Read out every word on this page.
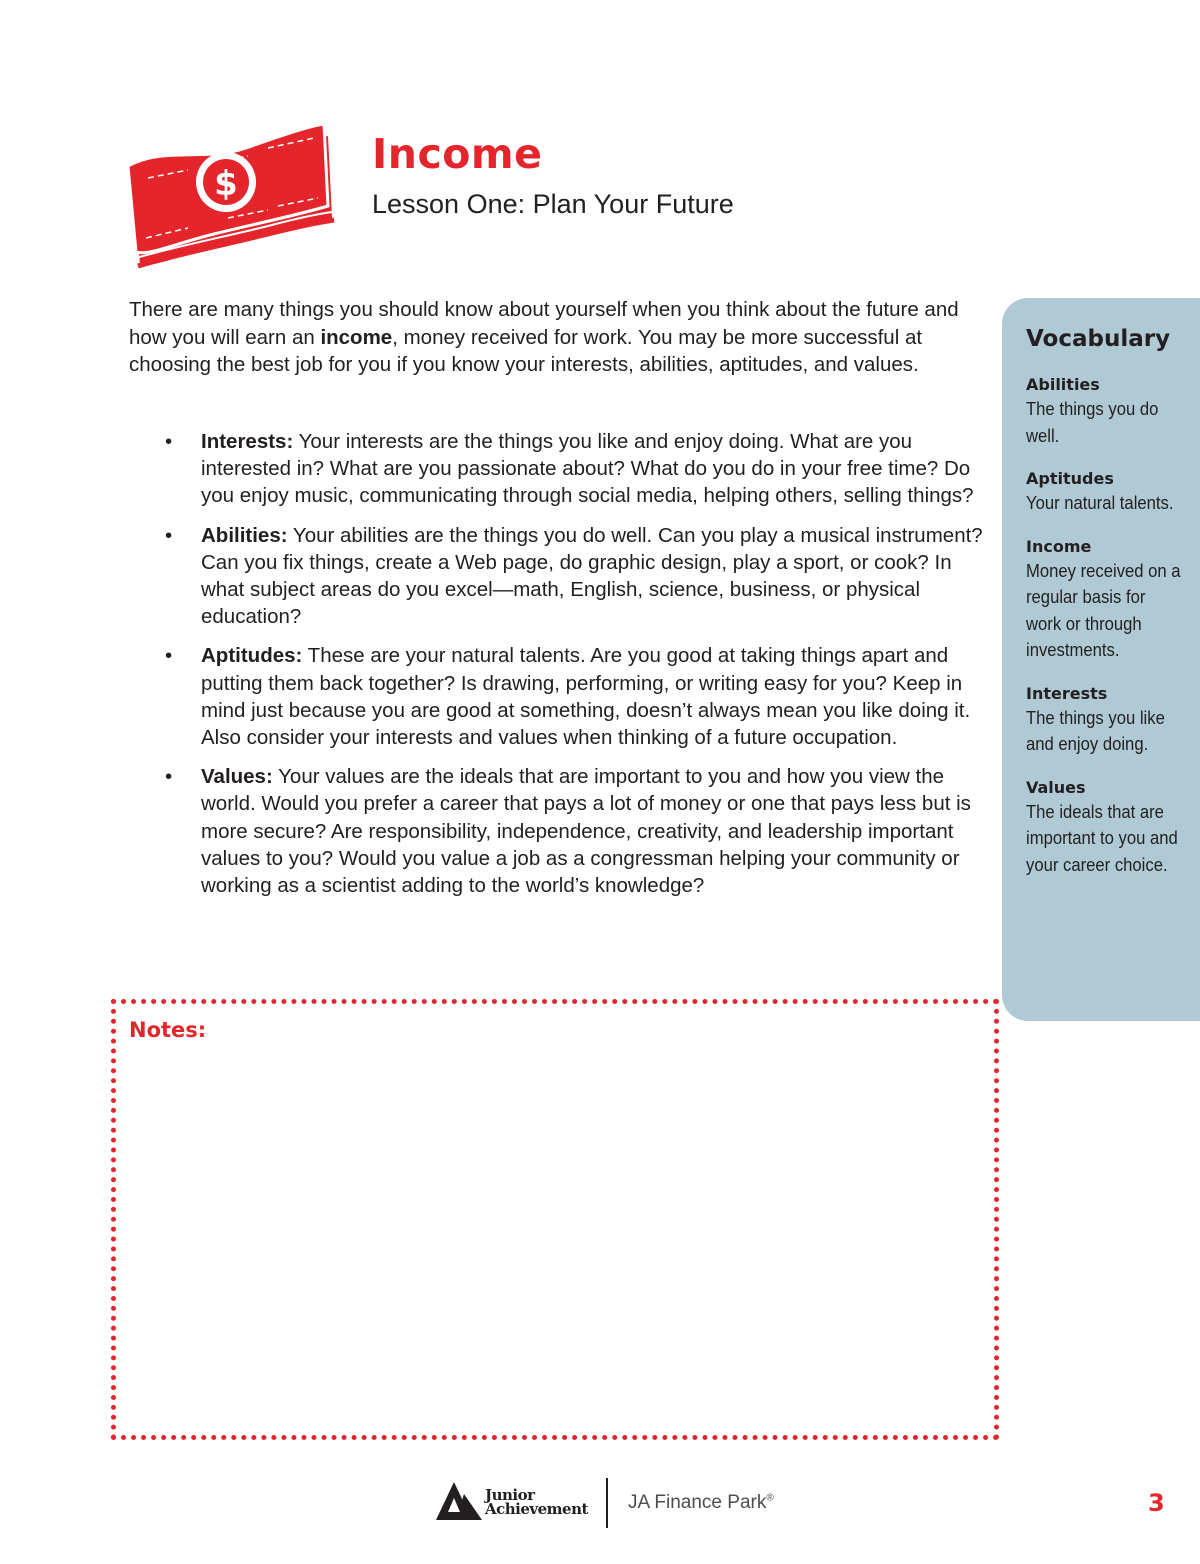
$
Income
Lesson One: Plan Your Future

There are many things you should know about yourself when you think about the future and how you will earn an income, money received for work. You may be more successful at choosing the best job for you if you know your interests, abilities, aptitudes, and values.

• Interests: Your interests are the things you like and enjoy doing. What are you interested in? What are you passionate about? What do you do in your free time? Do you enjoy music, communicating through social media, helping others, selling things?
• Abilities: Your abilities are the things you do well. Can you play a musical instrument? Can you fix things, create a Web page, do graphic design, play a sport, or cook? In what subject areas do you excel—math, English, science, business, or physical education?
• Aptitudes: These are your natural talents. Are you good at taking things apart and putting them back together? Is drawing, performing, or writing easy for you? Keep in mind just because you are good at something, doesn’t always mean you like doing it. Also consider your interests and values when thinking of a future occupation.
• Values: Your values are the ideals that are important to you and how you view the world. Would you prefer a career that pays a lot of money or one that pays less but is more secure? Are responsibility, independence, creativity, and leadership important values to you? Would you value a job as a congressman helping your community or working as a scientist adding to the world’s knowledge?

Notes:

Vocabulary

Abilities

The things you do well.

Aptitudes

Your natural talents.

Income

Money received on a regular basis for work or through investments.

Interests

The things you like and enjoy doing.

Values

The ideals that are important to you and your career choice.

Junior
Achievement JA Finance Park®	3
